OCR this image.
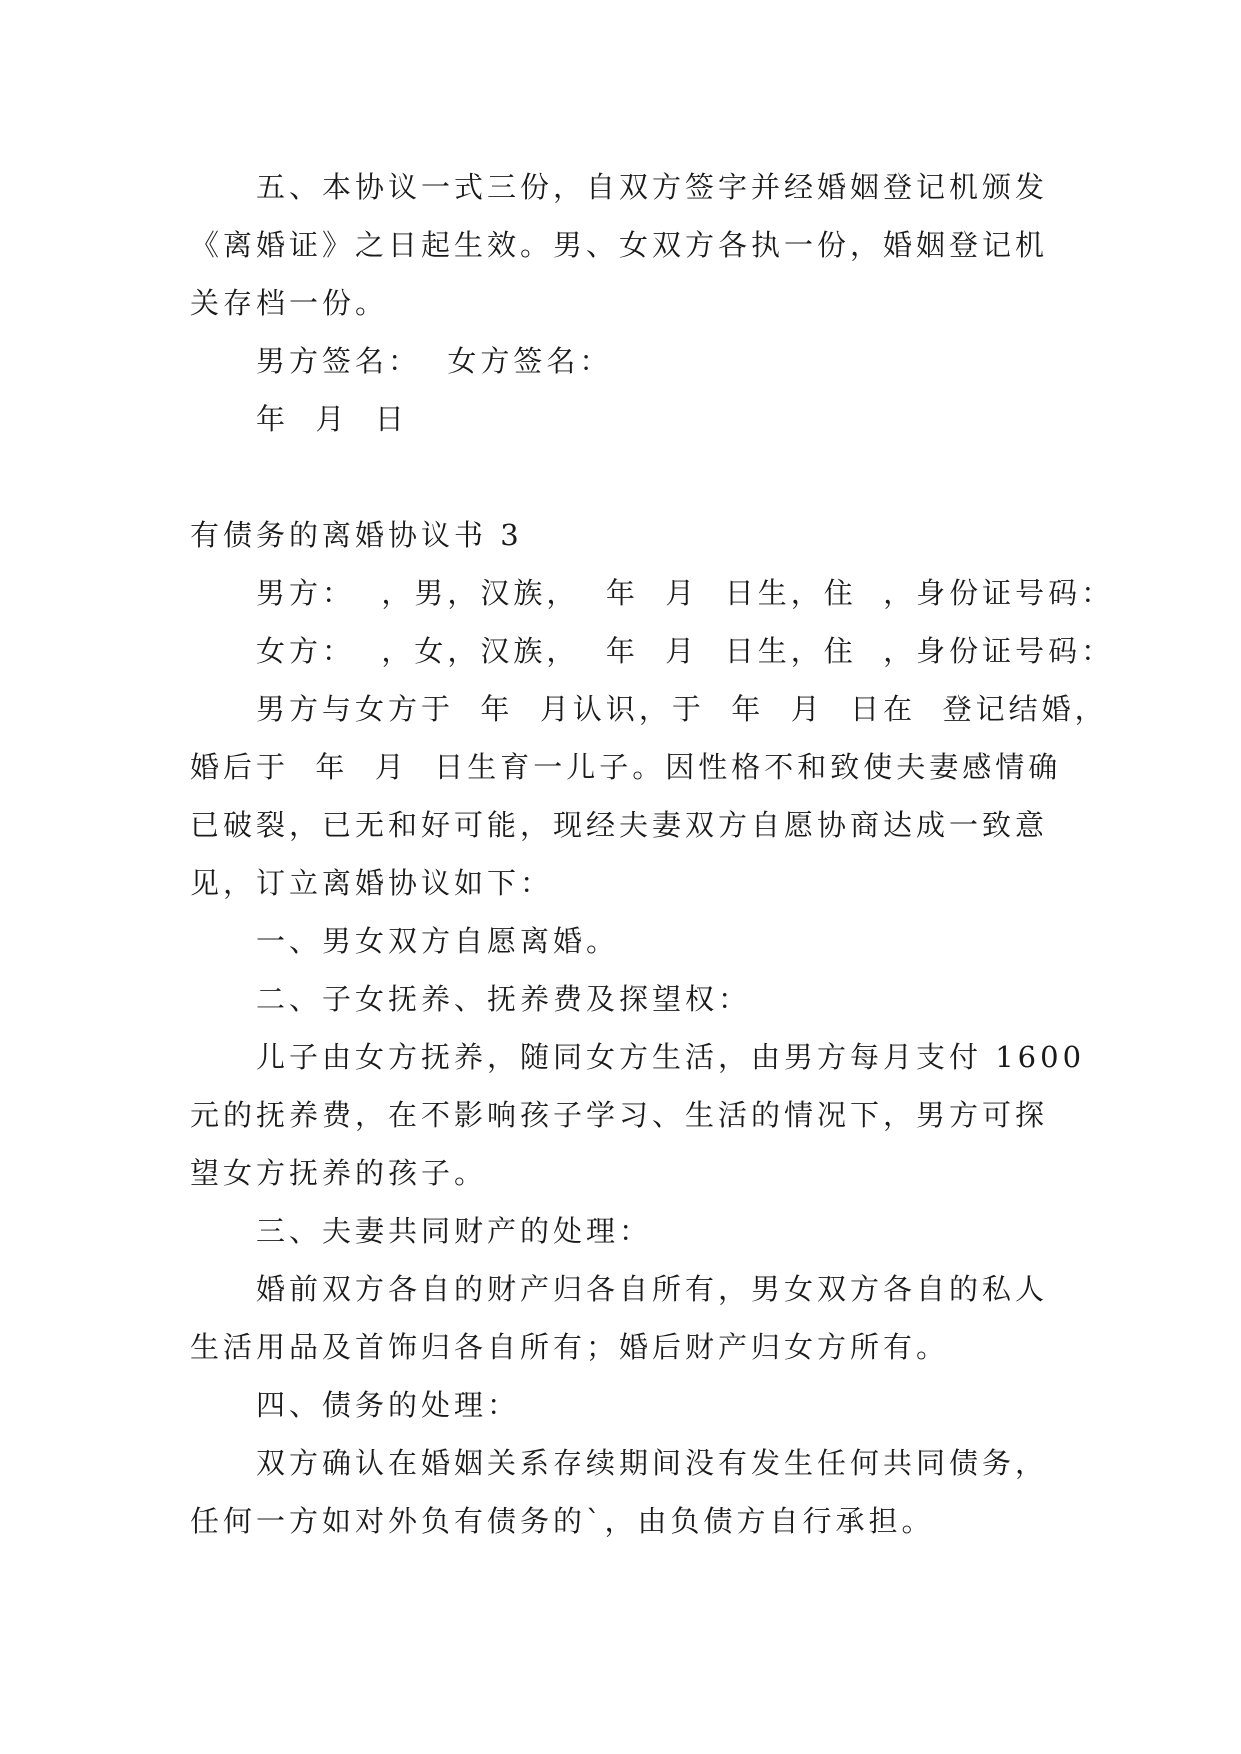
五、本协议一式三份，自双方签字并经婚姻登记机颁发

《离婚证》之日起生效。男、女双方各执一份，婚姻登记机

关存档一份。

男方签名：  女方签名：

年  月  日

有债务的离婚协议书 3

男方：  ，男，汉族，  年  月  日生，住  ，身份证号码：

女方：  ，女，汉族，  年  月  日生，住  ，身份证号码：

男方与女方于  年  月认识，于  年  月  日在  登记结婚，

婚后于  年  月  日生育一儿子。因性格不和致使夫妻感情确

已破裂，已无和好可能，现经夫妻双方自愿协商达成一致意

见，订立离婚协议如下：

一、男女双方自愿离婚。

二、子女抚养、抚养费及探望权：

儿子由女方抚养，随同女方生活，由男方每月支付 1600

元的抚养费，在不影响孩子学习、生活的情况下，男方可探

望女方抚养的孩子。

三、夫妻共同财产的处理：

婚前双方各自的财产归各自所有，男女双方各自的私人

生活用品及首饰归各自所有；婚后财产归女方所有。

四、债务的处理：

双方确认在婚姻关系存续期间没有发生任何共同债务，

任何一方如对外负有债务的`，由负债方自行承担。
